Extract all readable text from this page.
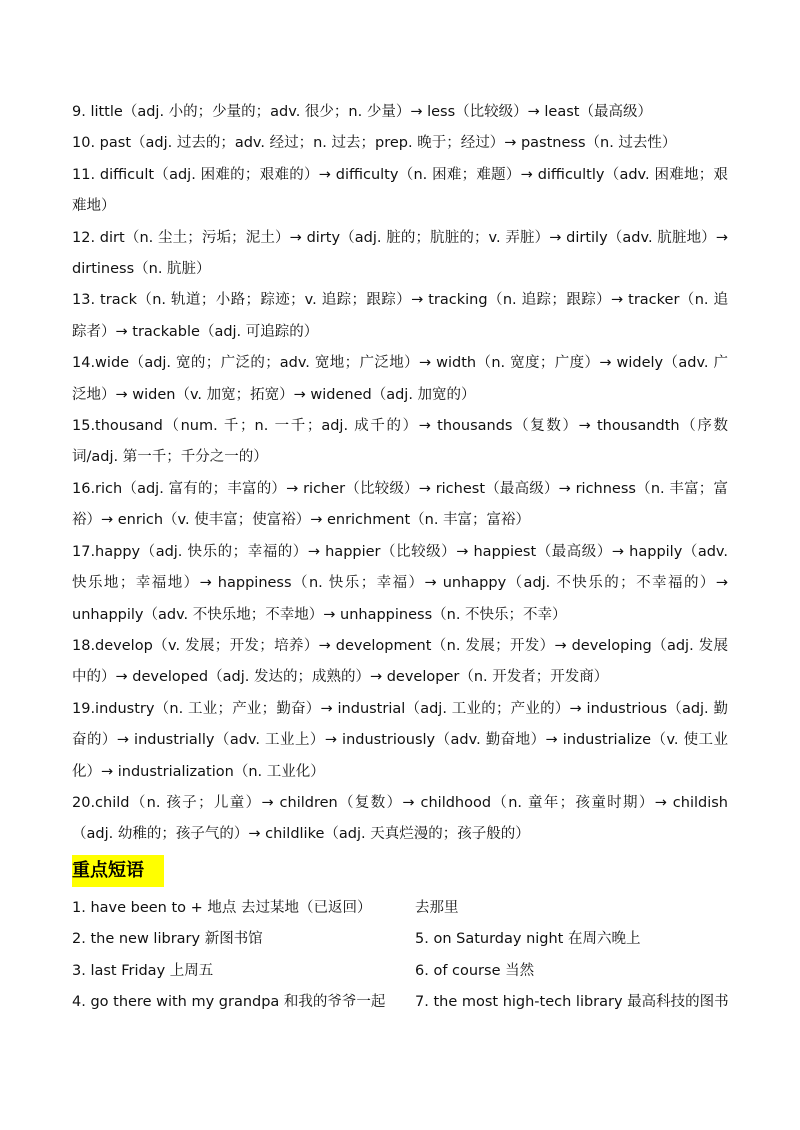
9. little（adj. 小的；少量的；adv. 很少；n. 少量）→ less（比较级）→ least（最高级）

10. past（adj. 过去的；adv. 经过；n. 过去；prep. 晚于；经过）→ pastness（n. 过去性）

11. difficult（adj. 困难的；艰难的）→ difficulty（n. 困难；难题）→ difficultly（adv. 困难地；艰难地）

12. dirt（n. 尘土；污垢；泥土）→ dirty（adj. 脏的；肮脏的；v. 弄脏）→ dirtily（adv. 肮脏地）→ dirtiness（n. 肮脏）

13. track（n. 轨道；小路；踪迹；v. 追踪；跟踪）→ tracking（n. 追踪；跟踪）→ tracker（n. 追踪者）→ trackable（adj. 可追踪的）

14.wide（adj. 宽的；广泛的；adv. 宽地；广泛地）→ width（n. 宽度；广度）→ widely（adv. 广泛地）→ widen（v. 加宽；拓宽）→ widened（adj. 加宽的）

15.thousand（num. 千；n. 一千；adj. 成千的）→ thousands（复数）→ thousandth（序数词/adj. 第一千；千分之一的）

16.rich（adj. 富有的；丰富的）→ richer（比较级）→ richest（最高级）→ richness（n. 丰富；富裕）→ enrich（v. 使丰富；使富裕）→ enrichment（n. 丰富；富裕）

17.happy（adj. 快乐的；幸福的）→ happier（比较级）→ happiest（最高级）→ happily（adv. 快乐地；幸福地）→ happiness（n. 快乐；幸福）→ unhappy（adj. 不快乐的；不幸福的）→ unhappily（adv. 不快乐地；不幸地）→ unhappiness（n. 不快乐；不幸）

18.develop（v. 发展；开发；培养）→ development（n. 发展；开发）→ developing（adj. 发展中的）→ developed（adj. 发达的；成熟的）→ developer（n. 开发者；开发商）

19.industry（n. 工业；产业；勤奋）→ industrial（adj. 工业的；产业的）→ industrious（adj. 勤奋的）→ industrially（adv. 工业上）→ industriously（adv. 勤奋地）→ industrialize（v. 使工业化）→ industrialization（n. 工业化）

20.child（n. 孩子；儿童）→ children（复数）→ childhood（n. 童年；孩童时期）→ childish（adj. 幼稚的；孩子气的）→ childlike（adj. 天真烂漫的；孩子般的）

重点短语
1. have been to + 地点 去过某地（已返回）	去那里
2. the new library 新图书馆	5. on Saturday night 在周六晚上
3. last Friday 上周五	6. of course 当然
4. go there with my grandpa 和我的爷爷一起	7. the most high-tech library 最高科技的图书
